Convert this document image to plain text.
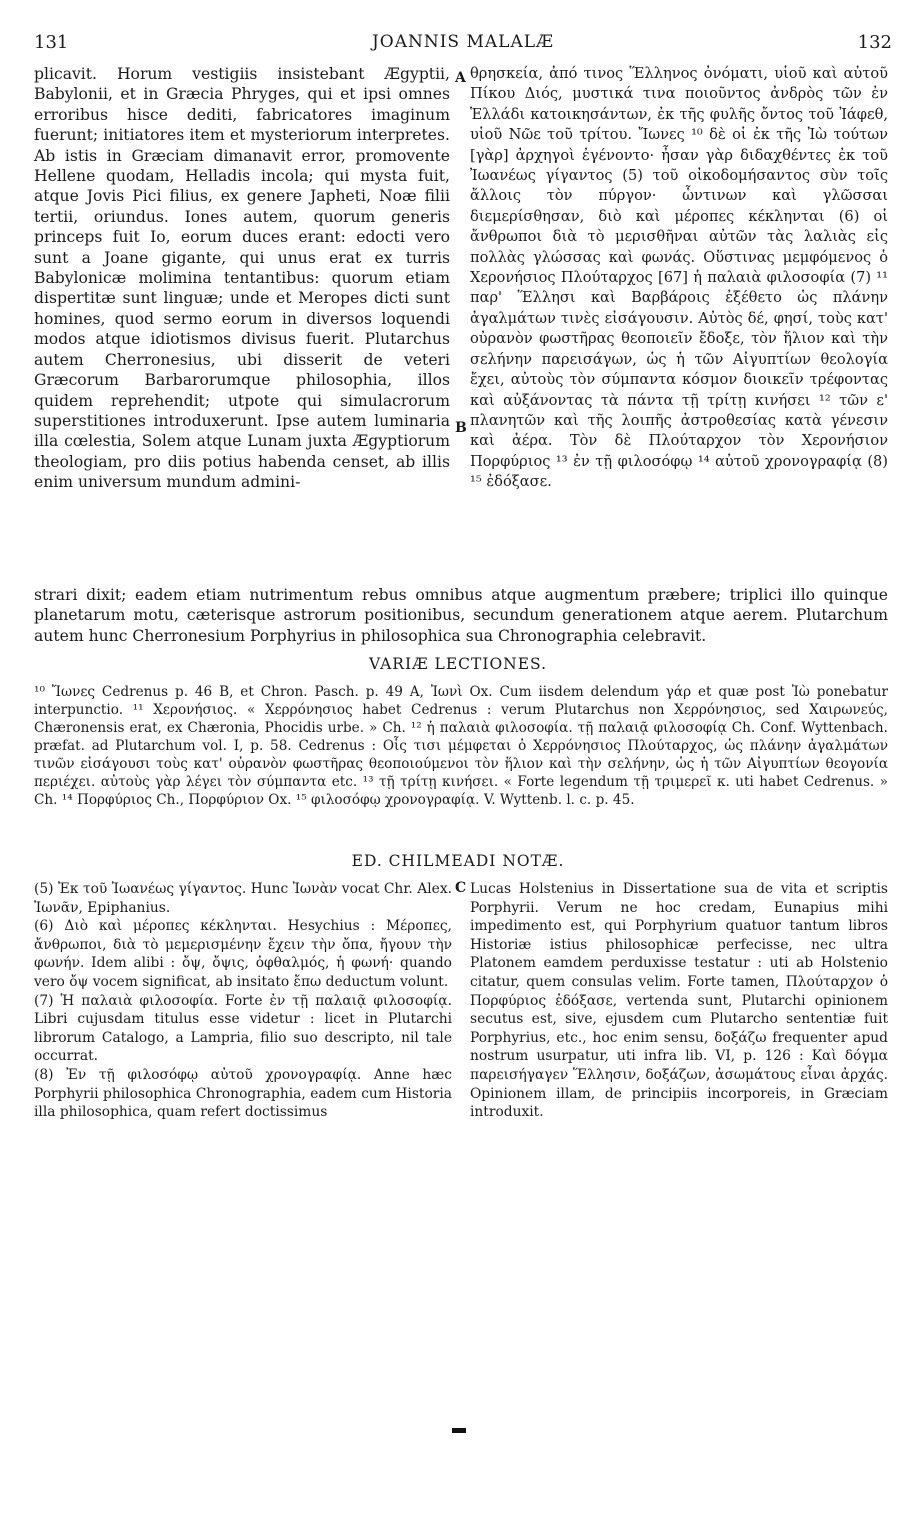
131	JOANNIS MALALÆ	132
A
B

plicavit. Horum vestigiis insistebant Ægyptii, Babylonii, et in Græcia Phryges, qui et ipsi omnes erroribus hisce dediti, fabricatores imaginum fuerunt; initiatores item et mysteriorum interpretes. Ab istis in Græciam dimanavit error, promovente Hellene quodam, Helladis incola; qui mysta fuit, atque Jovis Pici filius, ex genere Japheti, Noæ filii tertii, oriundus. Iones autem, quorum generis princeps fuit Io, eorum duces erant: edocti vero sunt a Joane gigante, qui unus erat ex turris Babylonicæ molimina tentantibus: quorum etiam dispertitæ sunt linguæ; unde et Meropes dicti sunt homines, quod sermo eorum in diversos loquendi modos atque idiotismos divisus fuerit. Plutarchus autem Cherronesius, ubi disserit de veteri Græcorum Barbarorumque philosophia, illos quidem reprehendit; utpote qui simulacrorum superstitiones introduxerunt. Ipse autem luminaria illa cœlestia, Solem atque Lunam juxta Ægyptiorum theologiam, pro diis potius habenda censet, ab illis enim universum mundum admini-

θρησκεία, ἀπό τινος Ἕλληνος ὀνόματι, υἱοῦ καὶ αὐτοῦ Πίκου Διός, μυστικά τινα ποιοῦντος ἀνδρὸς τῶν ἐν Ἑλλάδι κατοικησάντων, ἐκ τῆς φυλῆς ὄντος τοῦ Ἰάφεθ, υἱοῦ Νῶε τοῦ τρίτου. Ἴωνες ¹⁰ δὲ οἱ ἐκ τῆς Ἰὼ τούτων [γὰρ] ἀρχηγοὶ ἐγένοντο· ἦσαν γὰρ διδαχθέντες ἐκ τοῦ Ἰωανέως γίγαντος (5) τοῦ οἰκοδομήσαντος σὺν τοῖς ἄλλοις τὸν πύργον· ὧντινων καὶ γλῶσσαι διεμερίσθησαν, διὸ καὶ μέροπες κέκληνται (6) οἱ ἄνθρωποι διὰ τὸ μερισθῆναι αὐτῶν τὰς λαλιὰς εἰς πολλὰς γλώσσας καὶ φωνάς. Οὕστινας μεμφόμενος ὁ Χερονήσιος Πλούταρχος [67] ἡ παλαιὰ φιλοσοφία (7) ¹¹ παρ' Ἕλλησι καὶ Βαρβάροις ἐξέθετο ὡς πλάνην ἀγαλμάτων τινὲς εἰσάγουσιν. Αὐτὸς δέ, φησί, τοὺς κατ' οὐρανὸν φωστῆρας θεοποιεῖν ἔδοξε, τὸν ἥλιον καὶ τὴν σελήνην παρεισάγων, ὡς ἡ τῶν Αἰγυπτίων θεολογία ἔχει, αὐτοὺς τὸν σύμπαντα κόσμον διοικεῖν τρέφοντας καὶ αὐξάνοντας τὰ πάντα τῇ τρίτῃ κινήσει ¹² τῶν ε' πλανητῶν καὶ τῆς λοιπῆς ἀστροθεσίας κατὰ γένεσιν καὶ ἀέρα. Τὸν δὲ Πλούταρχον τὸν Χερονήσιον Πορφύριος ¹³ ἐν τῇ φιλοσόφῳ ¹⁴ αὐτοῦ χρονογραφίᾳ (8) ¹⁵ ἐδόξασε.

strari dixit; eadem etiam nutrimentum rebus omnibus atque augmentum præbere; triplici illo quinque planetarum motu, cæterisque astrorum positionibus, secundum generationem atque aerem. Plutarchum autem hunc Cherronesium Porphyrius in philosophica sua Chronographia celebravit.

VARIÆ LECTIONES.
¹⁰ Ἴωνες Cedrenus p. 46 B, et Chron. Pasch. p. 49 A, Ἰωνὶ Ox. Cum iisdem delendum γάρ et quæ post Ἰὼ ponebatur interpunctio. ¹¹ Χερονήσιος. « Χερρόνησιος habet Cedrenus : verum Plutarchus non Χερρόνησιος, sed Χαιρωνεύς, Chæronensis erat, ex Chæronia, Phocidis urbe. » Ch. ¹² ἡ παλαιὰ φιλοσοφία. τῇ παλαιᾷ φιλοσοφίᾳ Ch. Conf. Wyttenbach. præfat. ad Plutarchum vol. I, p. 58. Cedrenus : Οἷς τισι μέμφεται ὁ Χερρόνησιος Πλούταρχος, ὡς πλάνην ἀγαλμάτων τινῶν εἰσάγουσι τοὺς κατ' οὐρανὸν φωστῆρας θεοποιούμενοι τὸν ἥλιον καὶ τὴν σελήνην, ὡς ἡ τῶν Αἰγυπτίων θεογονία περιέχει. αὐτοὺς γὰρ λέγει τὸν σύμπαντα etc. ¹³ τῇ τρίτῃ κινήσει. « Forte legendum τῇ τριμερεῖ κ. uti habet Cedrenus. » Ch. ¹⁴ Πορφύριος Ch., Πορφύριον Ox. ¹⁵ φιλοσόφῳ χρονογραφίᾳ. V. Wyttenb. l. c. p. 45.
ED. CHILMEADI NOTÆ.
C

(5) Ἐκ τοῦ Ἰωανέως γίγαντος. Hunc Ἰωνὰν vocat Chr. Alex. Ἰωνᾶν, Epiphanius.

(6) Διὸ καὶ μέροπες κέκληνται. Hesychius : Μέροπες, ἄνθρωποι, διὰ τὸ μεμερισμένην ἔχειν τὴν ὄπα, ἤγουν τὴν φωνήν. Idem alibi : ὄψ, ὄψις, ὀφθαλμός, ἡ φωνή· quando vero ὄψ vocem significat, ab insitato ἔπω deductum volunt.

(7) Ἡ παλαιὰ φιλοσοφία. Forte ἐν τῇ παλαιᾷ φιλοσοφίᾳ. Libri cujusdam titulus esse videtur : licet in Plutarchi librorum Catalogo, a Lampria, filio suo descripto, nil tale occurrat.

(8) Ἐν τῇ φιλοσόφῳ αὐτοῦ χρονογραφίᾳ. Anne hæc Porphyrii philosophica Chronographia, eadem cum Historia illa philosophica, quam refert doctissimus

Lucas Holstenius in Dissertatione sua de vita et scriptis Porphyrii. Verum ne hoc credam, Eunapius mihi impedimento est, qui Porphyrium quatuor tantum libros Historiæ istius philosophicæ perfecisse, nec ultra Platonem eamdem perduxisse testatur : uti ab Holstenio citatur, quem consulas velim. Forte tamen, Πλούταρχον ὁ Πορφύριος ἐδόξασε, vertenda sunt, Plutarchi opinionem secutus est, sive, ejusdem cum Plutarcho sententiæ fuit Porphyrius, etc., hoc enim sensu, δοξάζω frequenter apud nostrum usurpatur, uti infra lib. VI, p. 126 : Καὶ δόγμα παρεισήγαγεν Ἕλλησιν, δοξάζων, ἀσωμάτους εἶναι ἀρχάς. Opinionem illam, de principiis incorporeis, in Græciam introduxit.
